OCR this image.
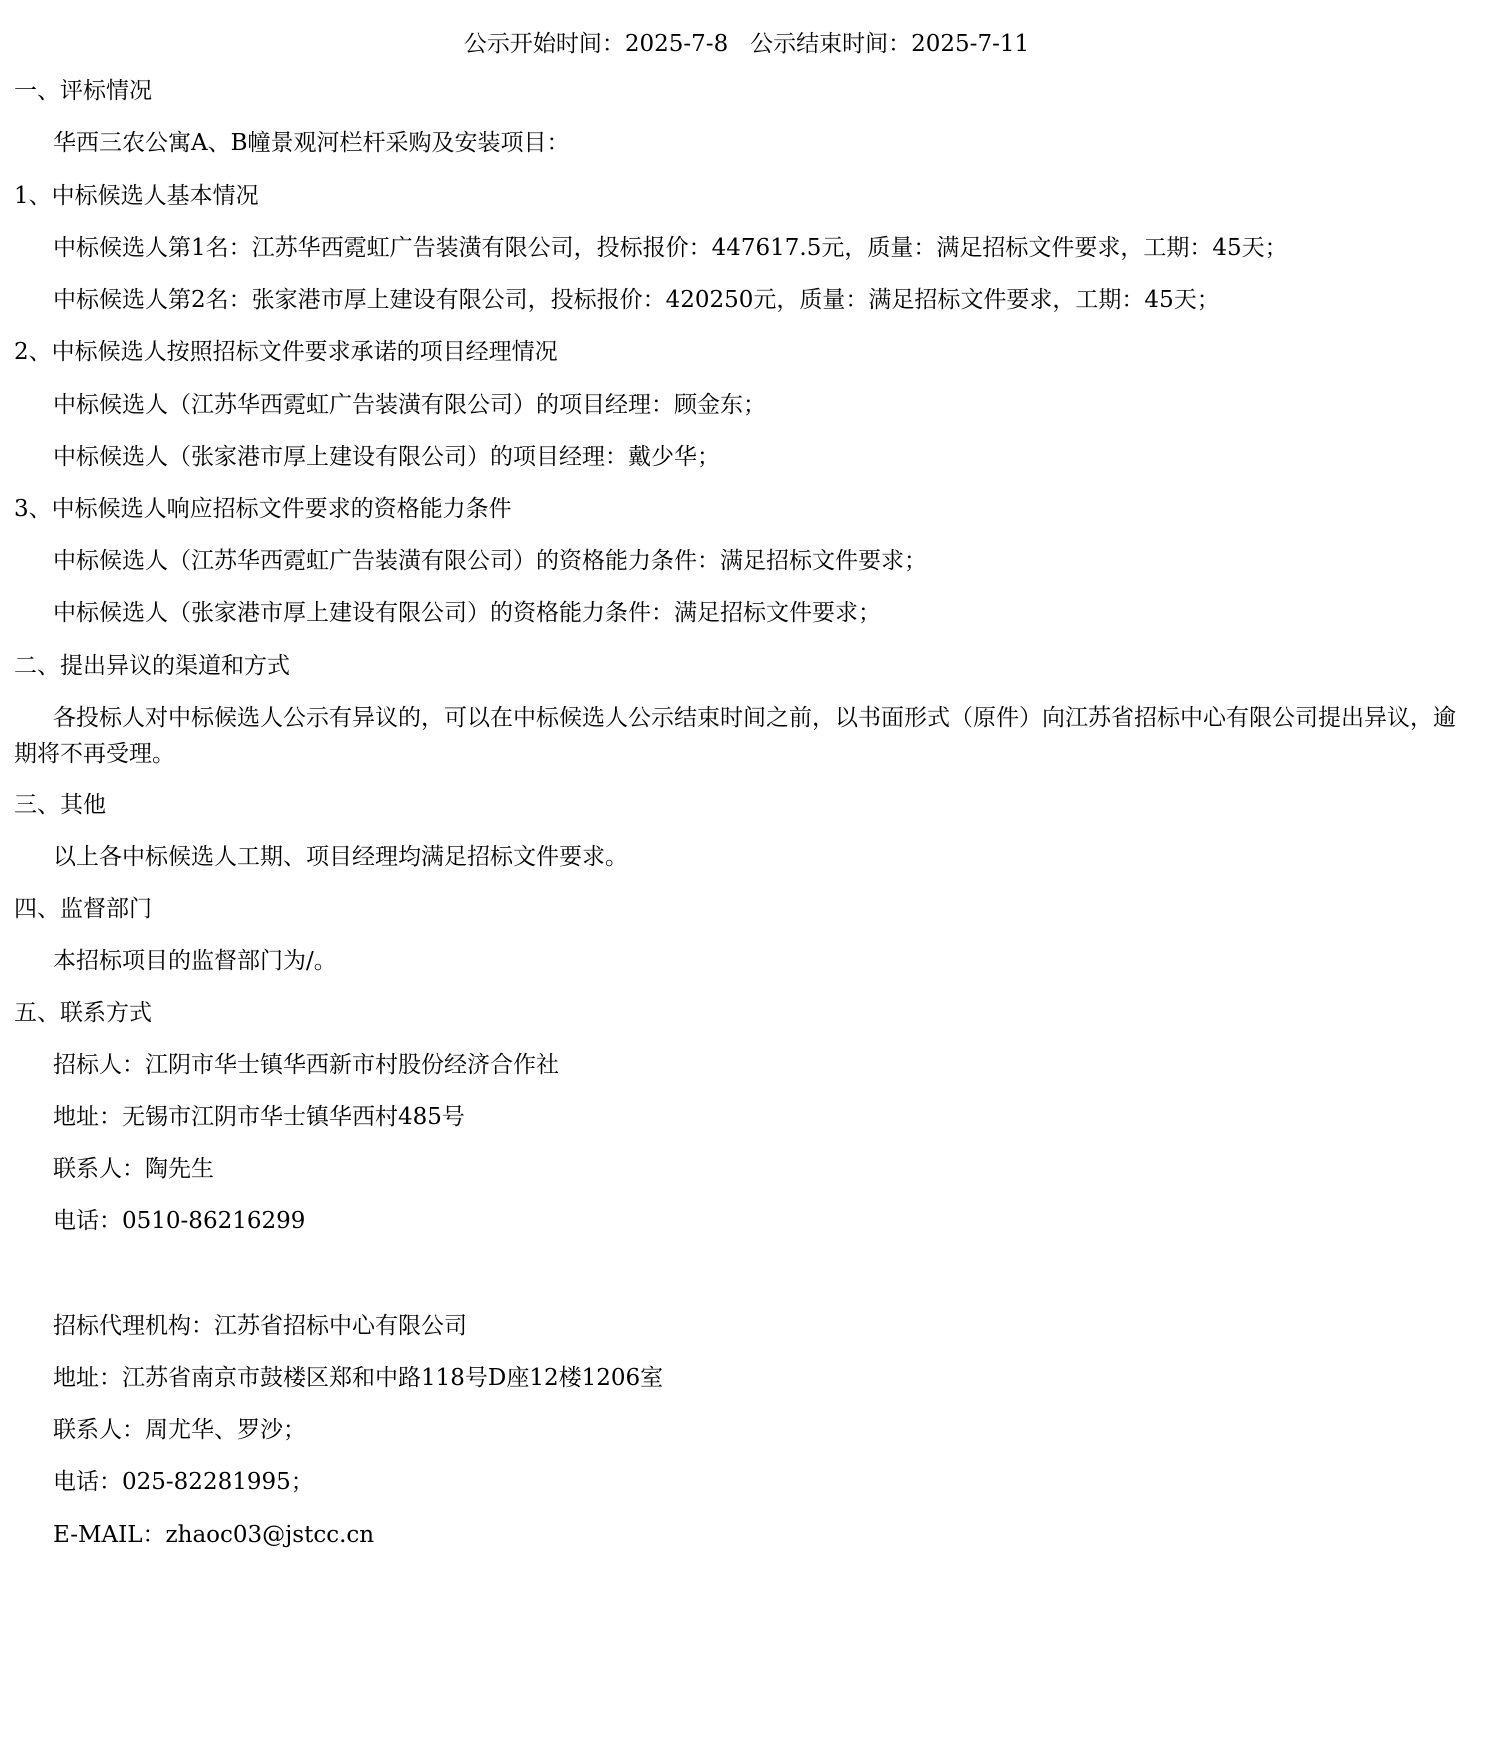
公示开始时间：2025-7-8   公示结束时间：2025-7-11
一、评标情况
华西三农公寓A、B幢景观河栏杆采购及安装项目：
1、中标候选人基本情况
中标候选人第1名：江苏华西霓虹广告装潢有限公司，投标报价：447617.5元，质量：满足招标文件要求，工期：45天；
中标候选人第2名：张家港市厚上建设有限公司，投标报价：420250元，质量：满足招标文件要求，工期：45天；
2、中标候选人按照招标文件要求承诺的项目经理情况
中标候选人（江苏华西霓虹广告装潢有限公司）的项目经理：顾金东；
中标候选人（张家港市厚上建设有限公司）的项目经理：戴少华；
3、中标候选人响应招标文件要求的资格能力条件
中标候选人（江苏华西霓虹广告装潢有限公司）的资格能力条件：满足招标文件要求；
中标候选人（张家港市厚上建设有限公司）的资格能力条件：满足招标文件要求；
二、提出异议的渠道和方式
各投标人对中标候选人公示有异议的，可以在中标候选人公示结束时间之前，以书面形式（原件）向江苏省招标中心有限公司提出异议，逾期将不再受理。
三、其他
以上各中标候选人工期、项目经理均满足招标文件要求。
四、监督部门
本招标项目的监督部门为/。
五、联系方式
招标人：江阴市华士镇华西新市村股份经济合作社
地址：无锡市江阴市华士镇华西村485号
联系人：陶先生
电话：0510-86216299
招标代理机构：江苏省招标中心有限公司
地址：江苏省南京市鼓楼区郑和中路118号D座12楼1206室
联系人：周尤华、罗沙；
电话：025-82281995；
E-MAIL：zhaoc03@jstcc.cn
